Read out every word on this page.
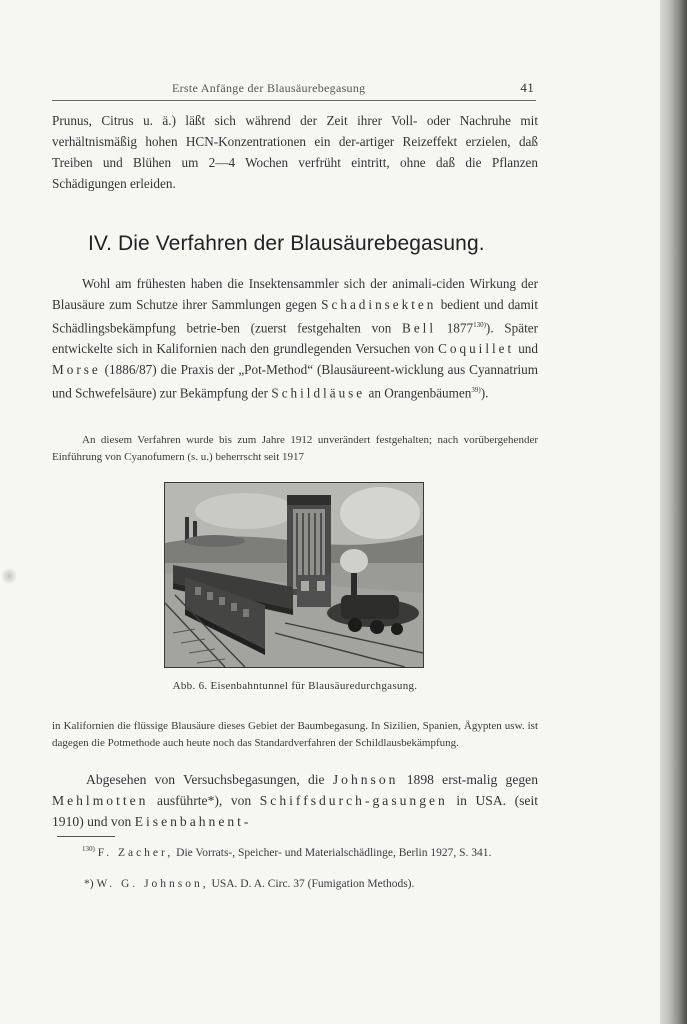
Erste Anfänge der Blausäurebegasung	41
Prunus, Citrus u. ä.) läßt sich während der Zeit ihrer Voll- oder Nachruhe mit verhältnismäßig hohen HCN-Konzentrationen ein der-artiger Reizeffekt erzielen, daß Treiben und Blühen um 2—4 Wochen verfrüht eintritt, ohne daß die Pflanzen Schädigungen erleiden.
IV. Die Verfahren der Blausäurebegasung.
Wohl am frühesten haben die Insektensammler sich der animali-ciden Wirkung der Blausäure zum Schutze ihrer Sammlungen gegen Schadinsekten bedient und damit Schädlingsbekämpfung betrie-ben (zuerst festgehalten von Bell 1877$^{130)}$). Später entwickelte sich in Kalifornien nach den grundlegenden Versuchen von Coquillet und Morse (1886/87) die Praxis der „Pot-Method“ (Blausäureent-wicklung aus Cyannatrium und Schwefelsäure) zur Bekämpfung der Schildläuse an Orangenbäumen$^{39)}$).
An diesem Verfahren wurde bis zum Jahre 1912 unverändert festgehalten; nach vorübergehender Einführung von Cyanofumern (s. u.) beherrscht seit 1917
Abb. 6. Eisenbahntunnel für Blausäuredurchgasung.
in Kalifornien die flüssige Blausäure dieses Gebiet der Baumbegasung. In Sizilien, Spanien, Ägypten usw. ist dagegen die Potmethode auch heute noch das Standardverfahren der Schildlausbekämpfung.
Abgesehen von Versuchsbegasungen, die Johnson 1898 erst-malig gegen Mehlmotten ausführte*), von Schiffsdurch-gasungen in USA. (seit 1910) und von Eisenbahnent-
$^{130)}$ F. Zacher, Die Vorrats-, Speicher- und Materialschädlinge, Berlin 1927, S. 341.
*) W. G. Johnson, USA. D. A. Circ. 37 (Fumigation Methods).
